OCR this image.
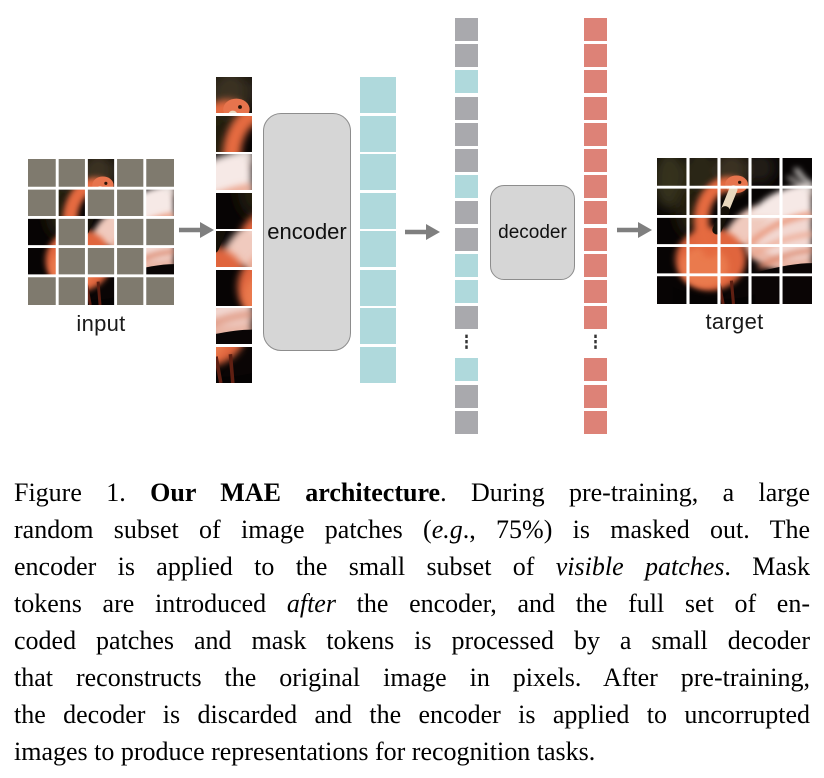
input
encoder
⋮
decoder
⋮
target
Figure 1. Our MAE architecture. During pre-training, a large
random subset of image patches (e.g., 75%) is masked out. The
encoder is applied to the small subset of visible patches. Mask
tokens are introduced after the encoder, and the full set of en-
coded patches and mask tokens is processed by a small decoder
that reconstructs the original image in pixels. After pre-training,
the decoder is discarded and the encoder is applied to uncorrupted
images to produce representations for recognition tasks.
